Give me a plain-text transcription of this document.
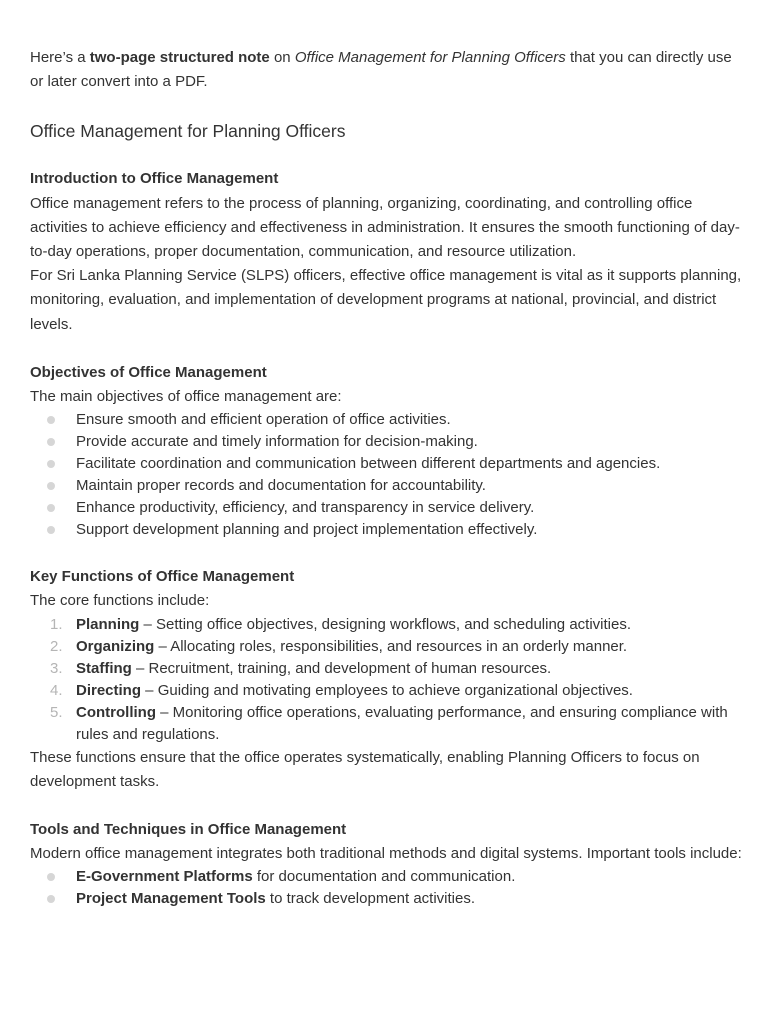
Here’s a two-page structured note on Office Management for Planning Officers that you can directly use or later convert into a PDF.

Office Management for Planning Officers

Introduction to Office Management

Office management refers to the process of planning, organizing, coordinating, and controlling office activities to achieve efficiency and effectiveness in administration. It ensures the smooth functioning of day-to-day operations, proper documentation, communication, and resource utilization.

For Sri Lanka Planning Service (SLPS) officers, effective office management is vital as it supports planning, monitoring, evaluation, and implementation of development programs at national, provincial, and district levels.

Objectives of Office Management

The main objectives of office management are:

Ensure smooth and efficient operation of office activities.
Provide accurate and timely information for decision-making.
Facilitate coordination and communication between different departments and agencies.
Maintain proper records and documentation for accountability.
Enhance productivity, efficiency, and transparency in service delivery.
Support development planning and project implementation effectively.

Key Functions of Office Management

The core functions include:

1. Planning – Setting office objectives, designing workflows, and scheduling activities.
2. Organizing – Allocating roles, responsibilities, and resources in an orderly manner.
3. Staffing – Recruitment, training, and development of human resources.
4. Directing – Guiding and motivating employees to achieve organizational objectives.
5. Controlling – Monitoring office operations, evaluating performance, and ensuring compliance with rules and regulations.

These functions ensure that the office operates systematically, enabling Planning Officers to focus on development tasks.

Tools and Techniques in Office Management

Modern office management integrates both traditional methods and digital systems. Important tools include:

E-Government Platforms for documentation and communication.
Project Management Tools to track development activities.
